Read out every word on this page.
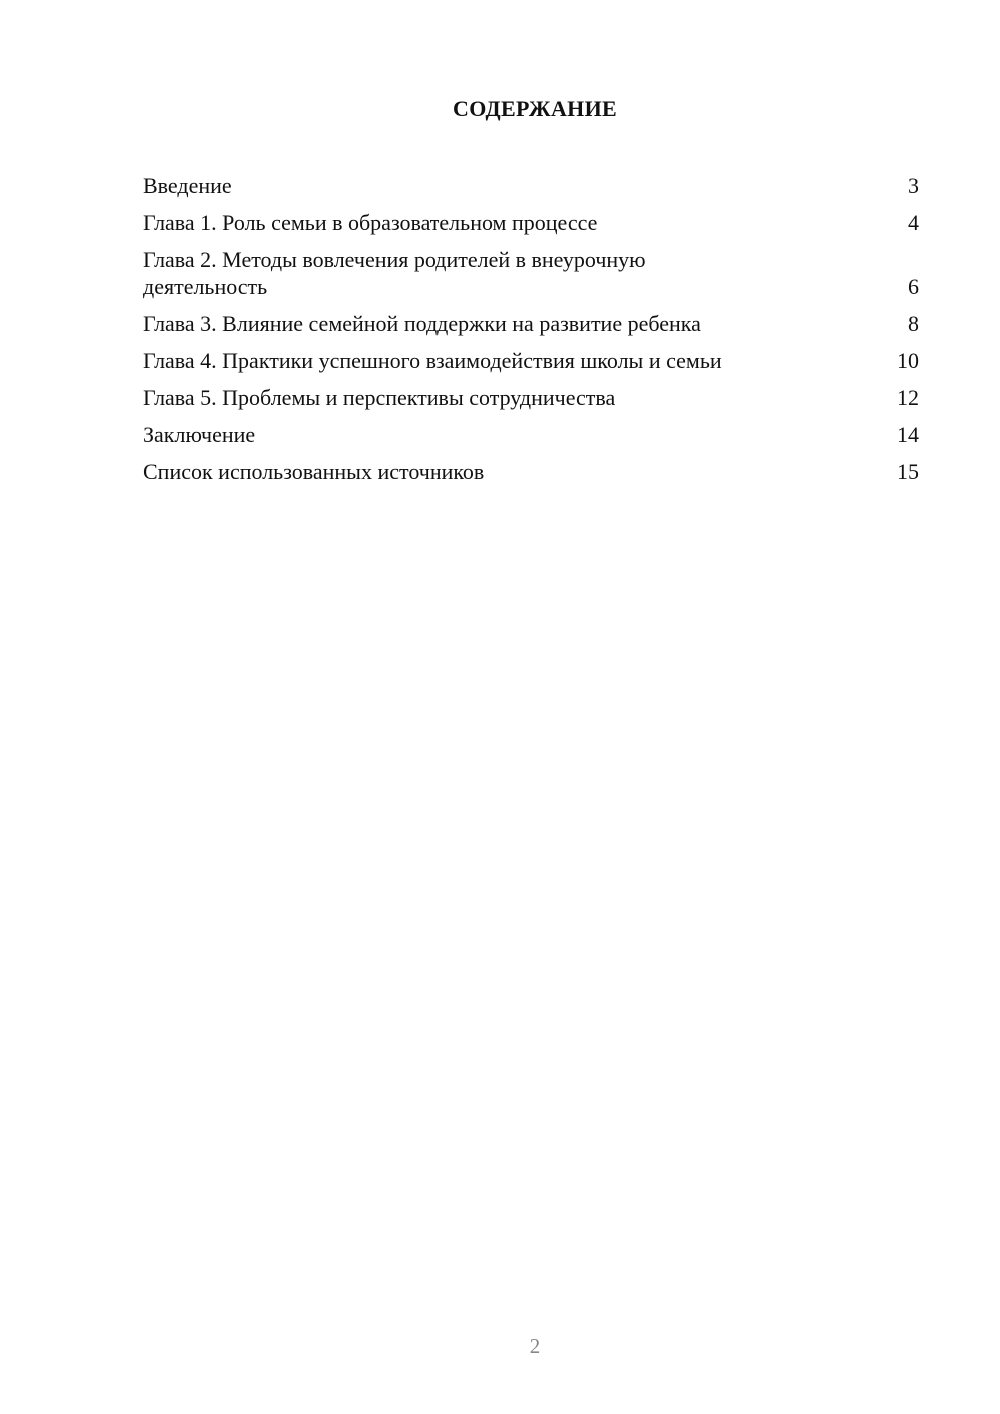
СОДЕРЖАНИЕ
Введение	3
Глава 1. Роль семьи в образовательном процессе	4
Глава 2. Методы вовлечения родителей в внеурочную деятельность	6
Глава 3. Влияние семейной поддержки на развитие ребенка	8
Глава 4. Практики успешного взаимодействия школы и семьи	10
Глава 5. Проблемы и перспективы сотрудничества	12
Заключение	14
Список использованных источников	15
2
